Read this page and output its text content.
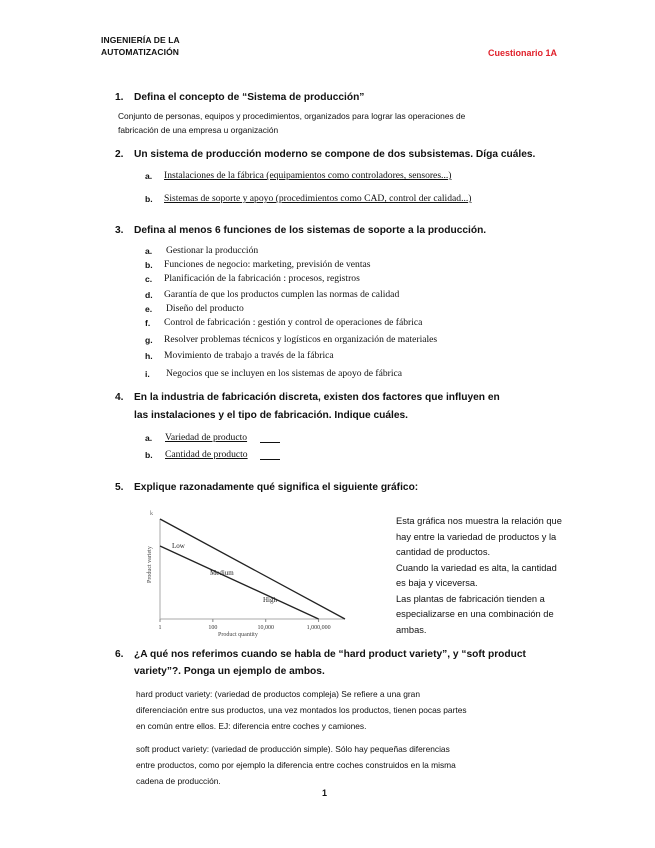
INGENIERÍA DE LA
AUTOMATIZACIÓN	Cuestionario 1A
1. Defina el concepto de “Sistema de producción”
Conjunto de personas, equipos y procedimientos, organizados para lograr las operaciones de
fabricación de una empresa u organización
2. Un sistema de producción moderno se compone de dos subsistemas. Díga cuáles.
a. Instalaciones de la fábrica (equipamientos como controladores, sensores...)
b. Sistemas de soporte y apoyo (procedimientos como CAD, control der calidad...)
3. Defina al menos 6 funciones de los sistemas de soporte a la producción.
a. Gestionar la producción
b. Funciones de negocio: marketing, previsión de ventas
c. Planificación de la fabricación : procesos, registros
d. Garantía de que los productos cumplen las normas de calidad
e. Diseño del producto
f. Control de fabricación : gestión y control de operaciones de fábrica
g. Resolver problemas técnicos y logísticos en organización de materiales
h. Movimiento de trabajo a través de la fábrica
i. Negocios que se incluyen en los sistemas de apoyo de fábrica
4. En la industria de fabricación discreta, existen dos factores que influyen en
las instalaciones y el tipo de fabricación. Indique cuáles.
a. Variedad de producto
b. Cantidad de producto
5. Explique razonadamente qué significa el siguiente gráfico:
k
1	100	10,000	1,000,000
Low
Medium
High
Product variety
Product quantity
Esta gráfica nos muestra la relación que
hay entre la variedad de productos y la
cantidad de productos.
Cuando la variedad es alta, la cantidad
es baja y viceversa.
Las plantas de fabricación tienden a
especializarse en una combinación de
ambas.
6. ¿A qué nos referimos cuando se habla de “hard product variety”, y “soft product
variety”?. Ponga un ejemplo de ambos.
hard product variety: (variedad de productos compleja) Se refiere a una gran
diferenciación entre sus productos, una vez montados los productos, tienen pocas partes
en común entre ellos. EJ: diferencia entre coches y camiones.
soft product variety: (variedad de producción simple). Sólo hay pequeñas diferencias
entre productos, como por ejemplo la diferencia entre coches construidos en la misma
cadena de producción.
1
